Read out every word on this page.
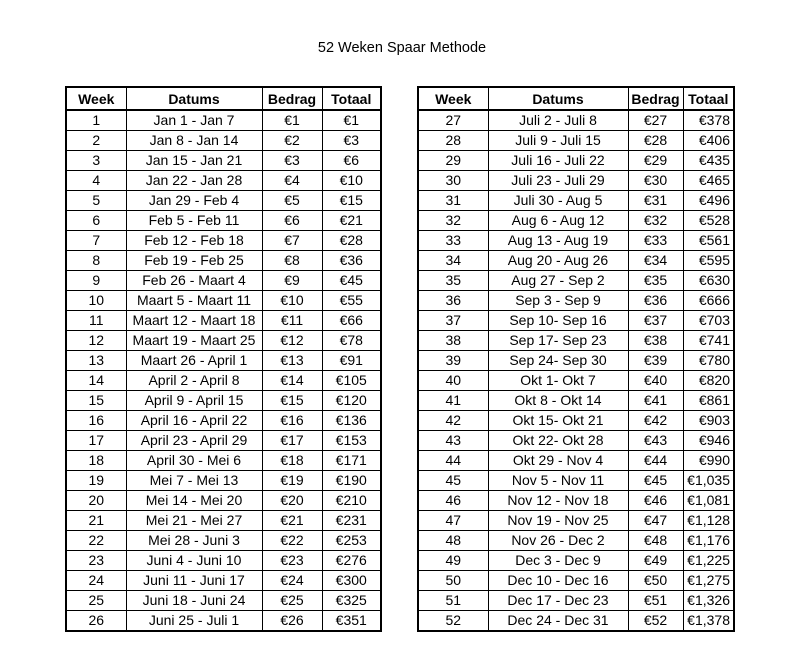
52 Weken Spaar Methode
Week	Datums	Bedrag	Totaal
1	Jan 1 - Jan 7	€1	€1
2	Jan 8 - Jan 14	€2	€3
3	Jan 15 - Jan 21	€3	€6
4	Jan 22 - Jan 28	€4	€10
5	Jan 29 - Feb 4	€5	€15
6	Feb 5 - Feb 11	€6	€21
7	Feb 12 - Feb 18	€7	€28
8	Feb 19 - Feb 25	€8	€36
9	Feb 26 - Maart 4	€9	€45
10	Maart 5 - Maart 11	€10	€55
11	Maart 12 - Maart 18	€11	€66
12	Maart 19 - Maart 25	€12	€78
13	Maart 26 - April 1	€13	€91
14	April 2 - April 8	€14	€105
15	April 9 - April 15	€15	€120
16	April 16 - April 22	€16	€136
17	April 23 - April 29	€17	€153
18	April 30 - Mei 6	€18	€171
19	Mei 7 - Mei 13	€19	€190
20	Mei 14 - Mei 20	€20	€210
21	Mei 21 - Mei 27	€21	€231
22	Mei 28 - Juni 3	€22	€253
23	Juni 4 - Juni 10	€23	€276
24	Juni 11 - Juni 17	€24	€300
25	Juni 18 - Juni 24	€25	€325
26	Juni 25 - Juli 1	€26	€351
Week	Datums	Bedrag	Totaal
27	Juli 2 - Juli 8	€27	€378
28	Juli 9 - Juli 15	€28	€406
29	Juli 16 - Juli 22	€29	€435
30	Juli 23 - Juli 29	€30	€465
31	Juli 30 - Aug 5	€31	€496
32	Aug 6 - Aug 12	€32	€528
33	Aug 13 - Aug 19	€33	€561
34	Aug 20 - Aug 26	€34	€595
35	Aug 27 - Sep 2	€35	€630
36	Sep 3 - Sep 9	€36	€666
37	Sep 10- Sep 16	€37	€703
38	Sep 17- Sep 23	€38	€741
39	Sep 24- Sep 30	€39	€780
40	Okt 1- Okt 7	€40	€820
41	Okt 8 - Okt 14	€41	€861
42	Okt 15- Okt 21	€42	€903
43	Okt 22- Okt 28	€43	€946
44	Okt 29 - Nov 4	€44	€990
45	Nov 5 - Nov 11	€45	€1,035
46	Nov 12 - Nov 18	€46	€1,081
47	Nov 19 - Nov 25	€47	€1,128
48	Nov 26 - Dec 2	€48	€1,176
49	Dec 3 - Dec 9	€49	€1,225
50	Dec 10 - Dec 16	€50	€1,275
51	Dec 17 - Dec 23	€51	€1,326
52	Dec 24 - Dec 31	€52	€1,378
